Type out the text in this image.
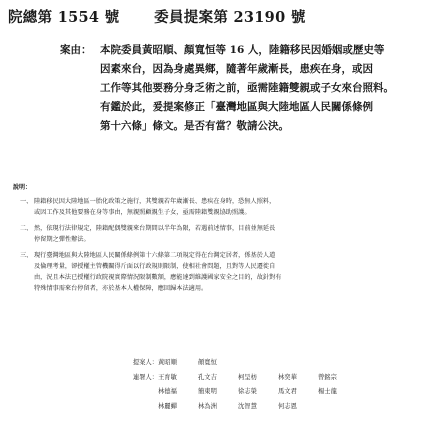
院總第 1554 號 委員提案第 23190 號
案由： 本院委員黃昭順、顏寬恒等 16 人，陸籍移民因婚姻或歷史等
因素來台，因為身處異鄉，隨著年歲漸長，患疾在身，或因
工作等其他要務分身乏術之前，亟需陸籍雙親或子女來台照料。
有鑑於此，爰提案修正「臺灣地區與大陸地區人民關係條例
第十六條」條文。是否有當？敬請公決。
說明：
一、 陸籍移民因大陸地區一胎化政策之施行，其雙親若年歲漸長、患疾在身時，恐無人照料，
或因工作及其他要務在身等事由，無親照顧親生子女，亟需陸籍雙親協助照護。
二、 然，依現行法律規定，陸籍配偶雙親來台期間以半年為限，若遇前述情事，目前並無延長
停留期之彈性辦法。
三、 現行臺灣地區與大陸地區人民關係條例第十六條第二項規定得在台灣定居者，係基於人道
及倫理考量，卻授權主管機關得斤面以行政規則限制，使相社會問題，且對等人民遷徙自
由，況且本法已授權行政院視實際情況限制數額，應能達到維護國家安全之目的，故針對有
特殊情事需來台停留者，亦於基本人權保障，應回歸本法適用。
提案人： 黃昭順	顏寬恒
連署人： 王育敏	孔文吉	柯呈枋	林奕華	曾銘宗
林德福	簡東明	徐志榮	馬文君	楊士龍
林麗蟬	林為洲	沈智慧	何志恩
